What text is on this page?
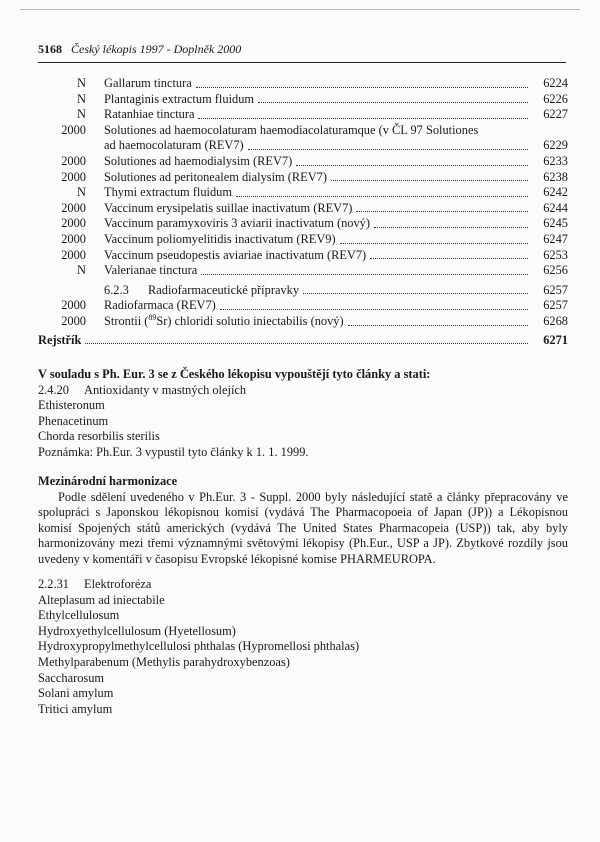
5168 Český lékopis 1997 - Doplněk 2000
N Gallarum tinctura	6224
N Plantaginis extractum fluidum	6226
N Ratanhiae tinctura	6227
2000 Solutiones ad haemocolaturam haemodiacolaturamque (v ČL 97 Solutiones
ad haemocolaturam (REV7)	6229
2000 Solutiones ad haemodialysim (REV7)	6233
2000 Solutiones ad peritonealem dialysim (REV7)	6238
N Thymi extractum fluidum	6242
2000 Vaccinum erysipelatis suillae inactivatum (REV7)	6244
2000 Vaccinum paramyxoviris 3 aviarii inactivatum (nový)	6245
2000 Vaccinum poliomyelitidis inactivatum (REV9)	6247
2000 Vaccinum pseudopestis aviariae inactivatum (REV7)	6253
N Valerianae tinctura	6256
6.2.3 Radiofarmaceutické přípravky	6257
2000 Radiofarmaca (REV7)	6257
2000 Strontii ($^{89}$Sr) chloridi solutio iniectabilis (nový)	6268
Rejstřík	6271
V souladu s Ph. Eur. 3 se z Českého lékopisu vypouštějí tyto články a stati:
2.4.20 Antioxidanty v mastných olejích
Ethisteronum
Phenacetinum
Chorda resorbilis sterilis
Poznámka: Ph.Eur. 3 vypustil tyto články k 1. 1. 1999.
Mezinárodní harmonizace
Podle sdělení uvedeného v Ph.Eur. 3 - Suppl. 2000 byly následující statě a články přepracovány ve spolupráci s Japonskou lékopisnou komisí (vydává The Pharmacopoeia of Japan (JP)) a Lékopisnou komisí Spojených států amerických (vydává The United States Pharmacopeia (USP)) tak, aby byly harmonizovány mezi třemi významnými světovými lékopisy (Ph.Eur., USP a JP). Zbytkové rozdíly jsou uvedeny v komentáři v časopisu Evropské lékopisné komise PHARMEUROPA.
2.2.31 Elektroforéza
Alteplasum ad iniectabile
Ethylcellulosum
Hydroxyethylcellulosum (Hyetellosum)
Hydroxypropylmethylcellulosi phthalas (Hypromellosi phthalas)
Methylparabenum (Methylis parahydroxybenzoas)
Saccharosum
Solani amylum
Tritici amylum
